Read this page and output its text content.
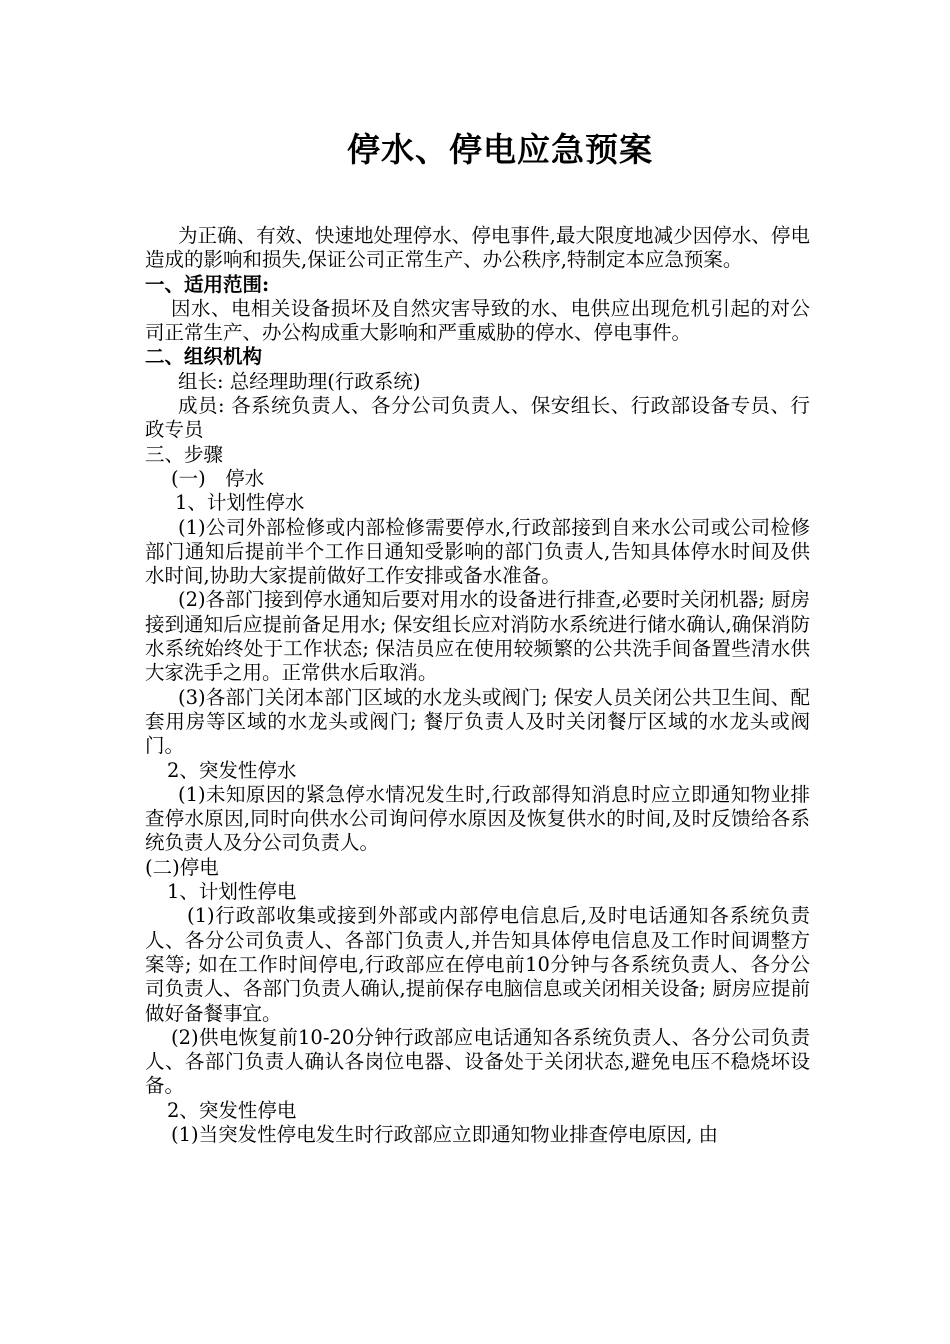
停水、停电应急预案

为正确、有效、快速地处理停水、停电事件,最大限度地减少因停水、停电造成的影响和损失,保证公司正常生产、办公秩序,特制定本应急预案。

一、适用范围:

因水、电相关设备损坏及自然灾害导致的水、电供应出现危机引起的对公司正常生产、办公构成重大影响和严重威胁的停水、停电事件。

二、组织机构

组长: 总经理助理(行政系统)

成员: 各系统负责人、各分公司负责人、保安组长、行政部设备专员、行政专员

三、步骤

(一)　停水

1、计划性停水

(1)公司外部检修或内部检修需要停水,行政部接到自来水公司或公司检修部门通知后提前半个工作日通知受影响的部门负责人,告知具体停水时间及供水时间,协助大家提前做好工作安排或备水准备。

(2)各部门接到停水通知后要对用水的设备进行排查,必要时关闭机器; 厨房接到通知后应提前备足用水; 保安组长应对消防水系统进行储水确认,确保消防水系统始终处于工作状态; 保洁员应在使用较频繁的公共洗手间备置些清水供大家洗手之用。正常供水后取消。

(3)各部门关闭本部门区域的水龙头或阀门; 保安人员关闭公共卫生间、配套用房等区域的水龙头或阀门; 餐厅负责人及时关闭餐厅区域的水龙头或阀门。

2、突发性停水

(1)未知原因的紧急停水情况发生时,行政部得知消息时应立即通知物业排查停水原因,同时向供水公司询问停水原因及恢复供水的时间,及时反馈给各系统负责人及分公司负责人。

(二)停电

1、计划性停电

(1)行政部收集或接到外部或内部停电信息后,及时电话通知各系统负责人、各分公司负责人、各部门负责人,并告知具体停电信息及工作时间调整方案等; 如在工作时间停电,行政部应在停电前10分钟与各系统负责人、各分公司负责人、各部门负责人确认,提前保存电脑信息或关闭相关设备; 厨房应提前做好备餐事宜。

(2)供电恢复前10-20分钟行政部应电话通知各系统负责人、各分公司负责人、各部门负责人确认各岗位电器、设备处于关闭状态,避免电压不稳烧坏设备。

2、突发性停电

(1)当突发性停电发生时行政部应立即通知物业排查停电原因, 由
